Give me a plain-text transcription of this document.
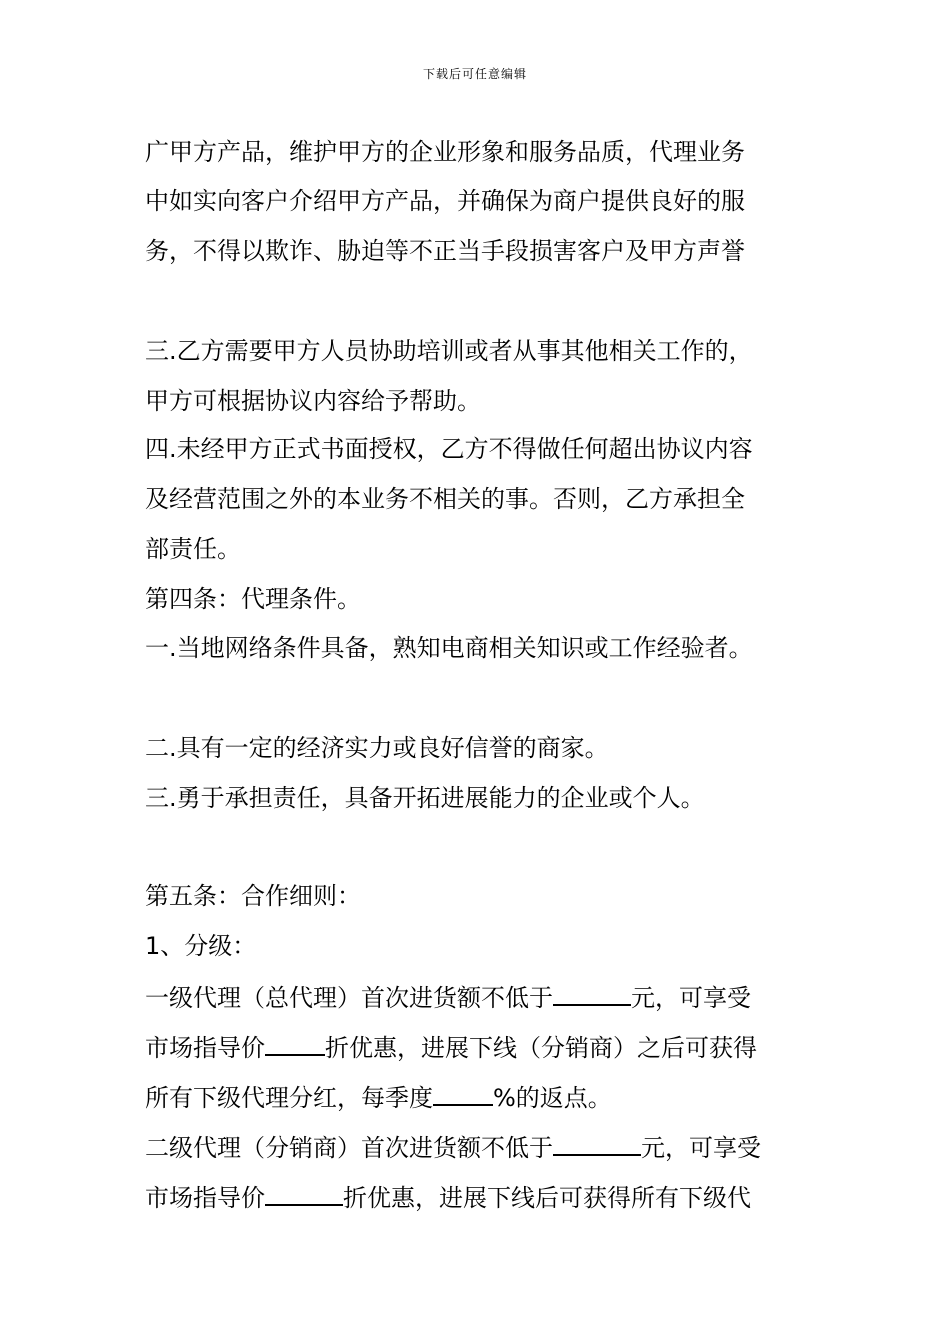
下载后可任意编辑
广甲方产品，维护甲方的企业形象和服务品质，代理业务
中如实向客户介绍甲方产品，并确保为商户提供良好的服
务，不得以欺诈、胁迫等不正当手段损害客户及甲方声誉
三.乙方需要甲方人员协助培训或者从事其他相关工作的，
甲方可根据协议内容给予帮助。
四.未经甲方正式书面授权，乙方不得做任何超出协议内容
及经营范围之外的本业务不相关的事。否则，乙方承担全
部责任。
第四条：代理条件。
一.当地网络条件具备，熟知电商相关知识或工作经验者。
二.具有一定的经济实力或良好信誉的商家。
三.勇于承担责任，具备开拓进展能力的企业或个人。
第五条：合作细则：
1、分级：
一级代理（总代理）首次进货额不低于	元，可享受
市场指导价	折优惠，进展下线（分销商）之后可获得
所有下级代理分红，每季度	%的返点。
二级代理（分销商）首次进货额不低于	元，可享受
市场指导价	折优惠，进展下线后可获得所有下级代
